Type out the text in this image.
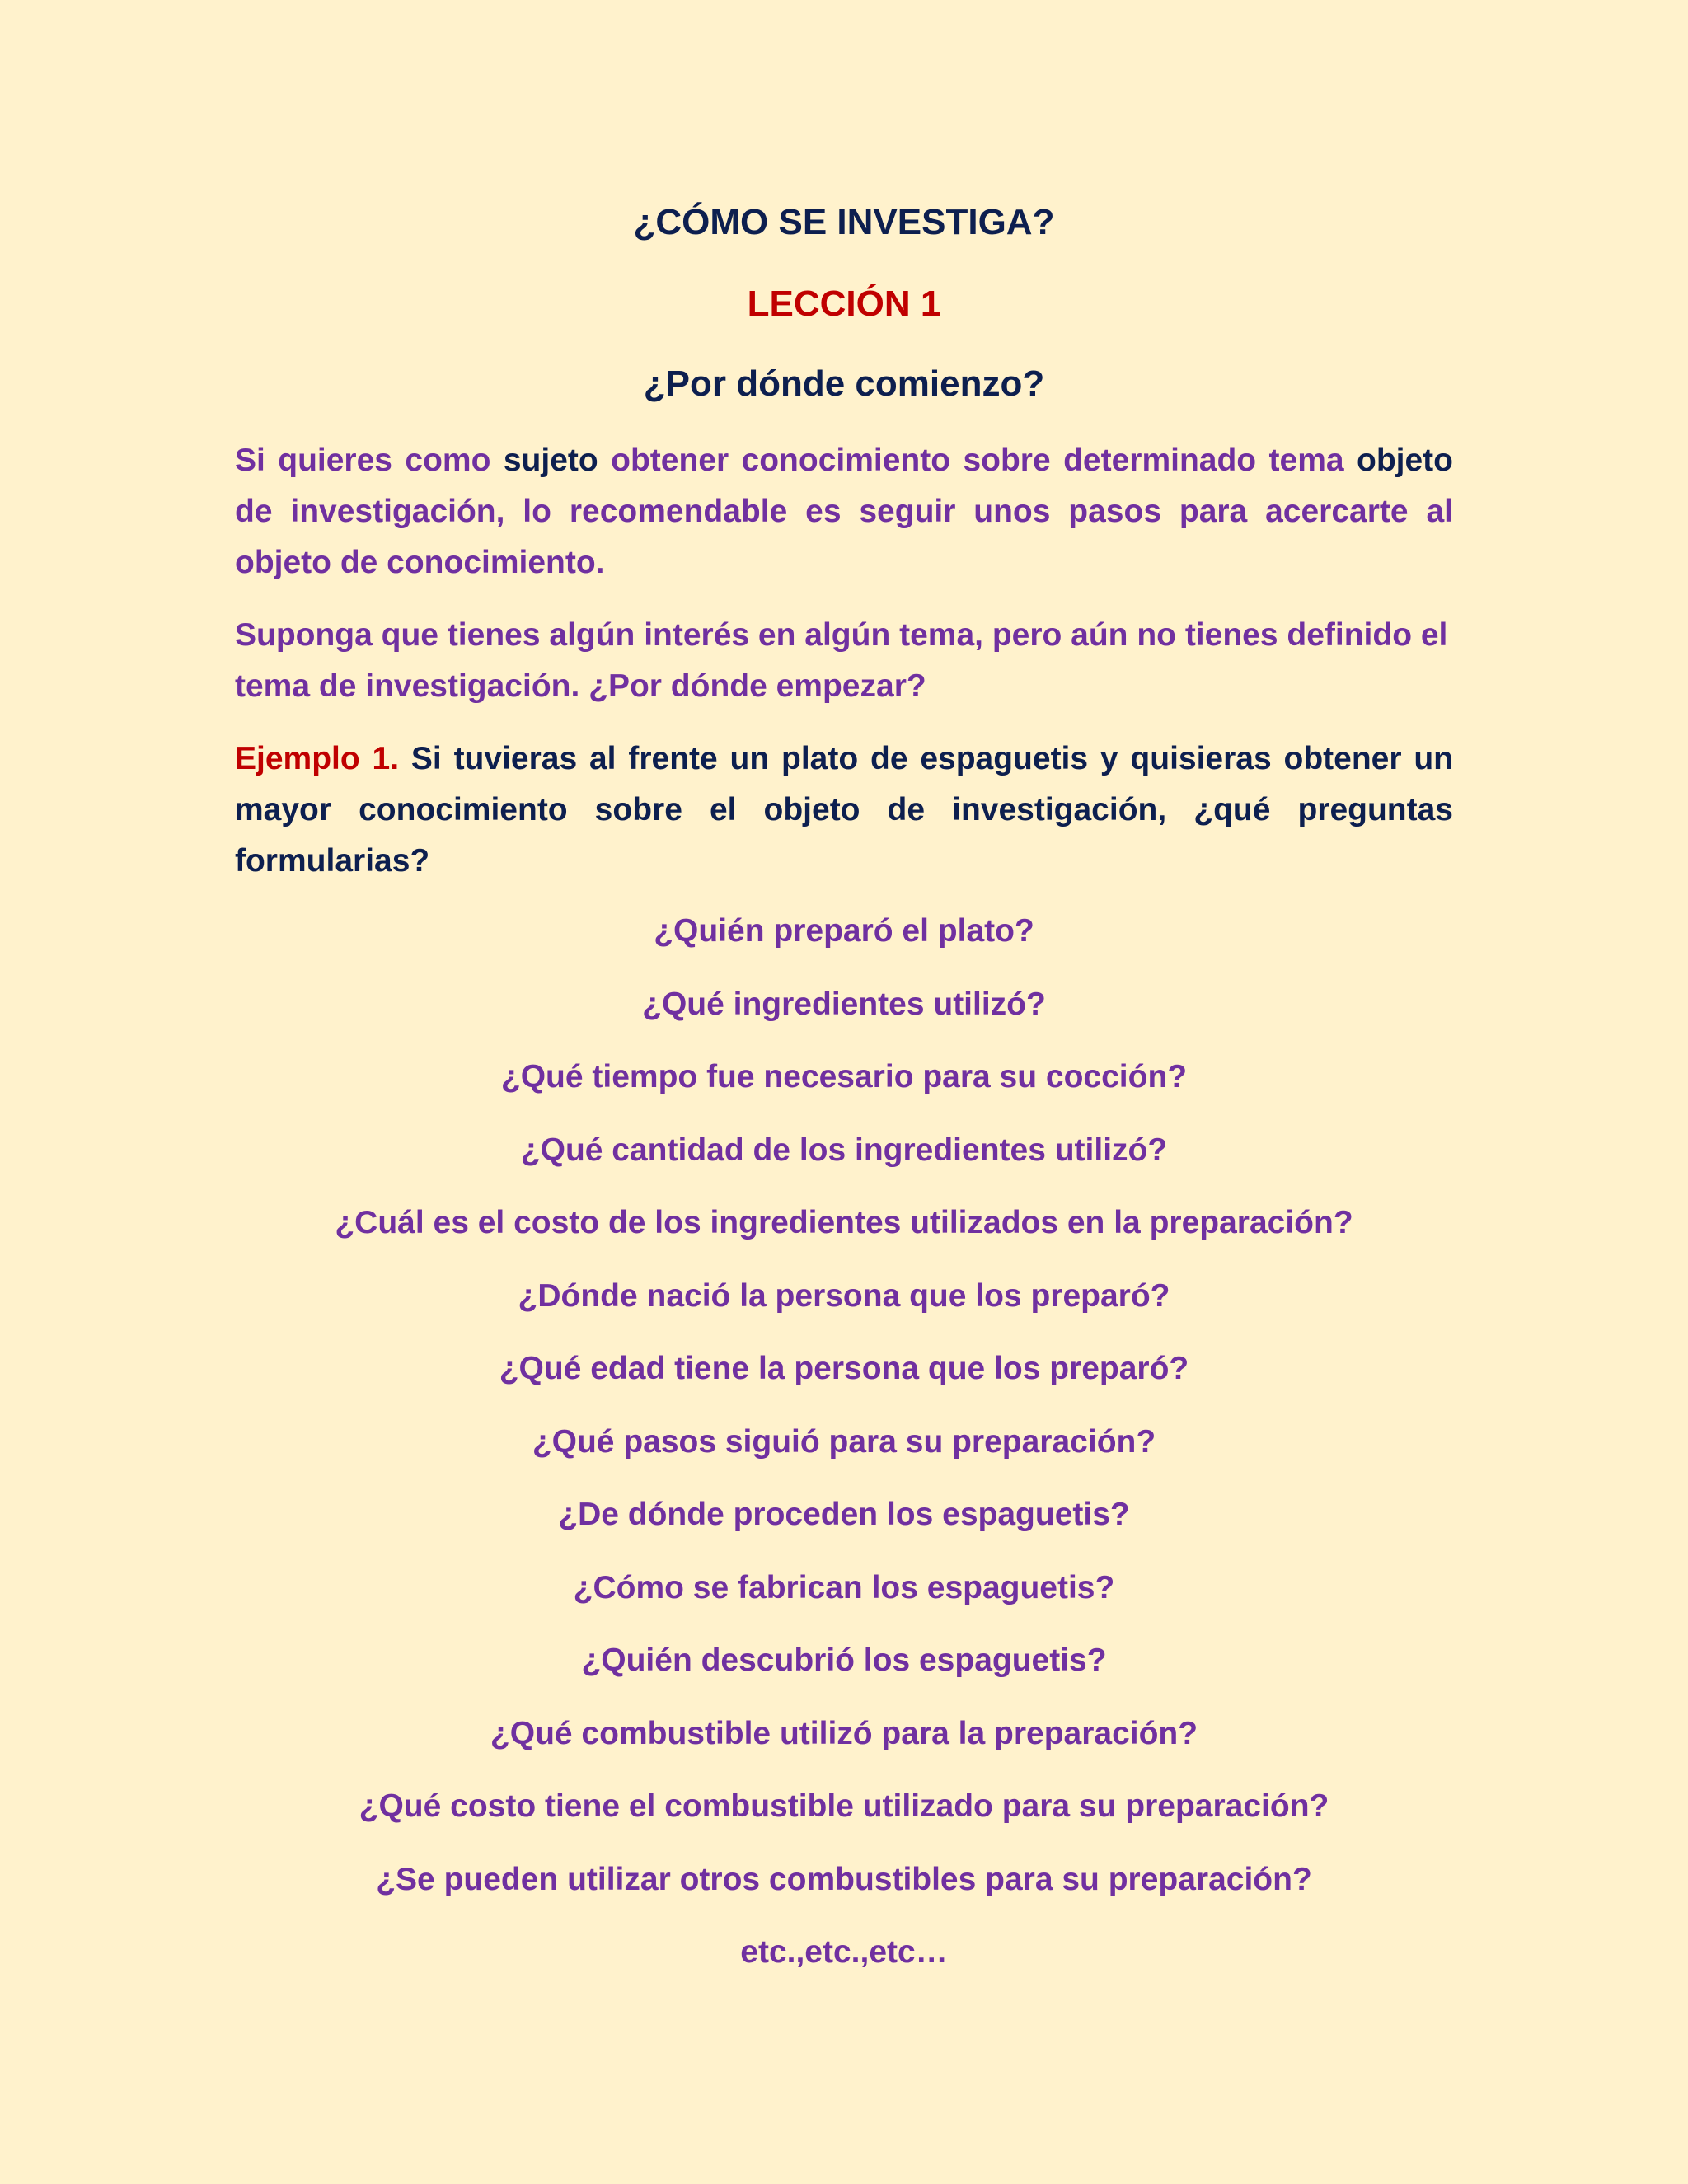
¿CÓMO SE INVESTIGA?
LECCIÓN 1
¿Por dónde comienzo?

Si quieres como sujeto obtener conocimiento sobre determinado tema objeto de investigación, lo recomendable es seguir unos pasos para acercarte al objeto de conocimiento.

Suponga que tienes algún interés en algún tema, pero aún no tienes definido el tema de investigación. ¿Por dónde empezar?

Ejemplo 1. Si tuvieras al frente un plato de espaguetis y quisieras obtener un mayor conocimiento sobre el objeto de investigación, ¿qué preguntas formularias?

¿Quién preparó el plato?
¿Qué ingredientes utilizó?
¿Qué tiempo fue necesario para su cocción?
¿Qué cantidad de los ingredientes utilizó?
¿Cuál es el costo de los ingredientes utilizados en la preparación?
¿Dónde nació la persona que los preparó?
¿Qué edad tiene la persona que los preparó?
¿Qué pasos siguió para su preparación?
¿De dónde proceden los espaguetis?
¿Cómo se fabrican los espaguetis?
¿Quién descubrió los espaguetis?
¿Qué combustible utilizó para la preparación?
¿Qué costo tiene el combustible utilizado para su preparación?
¿Se pueden utilizar otros combustibles para su preparación?
etc.,etc.,etc…
